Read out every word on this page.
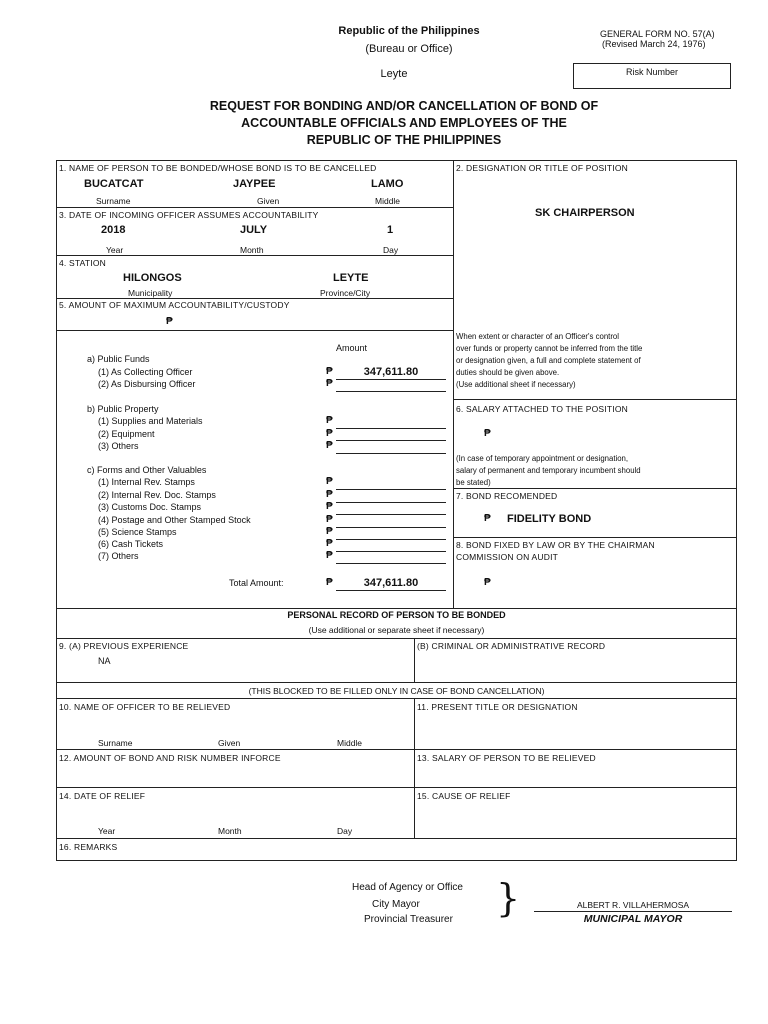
Republic of the Philippines
(Bureau or Office)
Leyte
GENERAL FORM NO. 57(A)
(Revised March 24, 1976)
Risk Number
REQUEST FOR BONDING AND/OR CANCELLATION OF BOND OF
ACCOUNTABLE OFFICIALS AND EMPLOYEES OF THE
REPUBLIC OF THE PHILIPPINES
1. NAME OF PERSON TO BE BONDED/WHOSE BOND IS TO BE CANCELLED
BUCATCAT	JAYPEE	LAMO
Surname	Given	Middle
2. DESIGNATION OR TITLE OF POSITION
SK CHAIRPERSON
When extent or character of an Officer's control
over funds or property cannot be inferred from the title
or designation given, a full and complete statement of
duties should be given above.
(Use additional sheet if necessary)
3. DATE OF INCOMING OFFICER ASSUMES ACCOUNTABILITY
2018	JULY	1
Year	Month	Day
4. STATION
HILONGOS	LEYTE
Municipality	Province/City
5. AMOUNT OF MAXIMUM ACCOUNTABILITY/CUSTODY
₱
Amount
a) Public Funds
(1) As Collecting Officer	₱	347,611.80
(2) As Disbursing Officer	₱
b) Public Property
(1) Supplies and Materials	₱
(2) Equipment	₱
(3) Others	₱
c) Forms and Other Valuables
(1) Internal Rev. Stamps	₱
(2) Internal Rev. Doc. Stamps	₱
(3) Customs Doc. Stamps	₱
(4) Postage and Other Stamped Stock	₱
(5) Science Stamps	₱
(6) Cash Tickets	₱
(7) Others	₱
Total Amount:	₱	347,611.80
6. SALARY ATTACHED TO THE POSITION
₱
(In case of temporary appointment or designation,
salary of permanent and temporary incumbent should
be stated)
7. BOND RECOMENDED
₱ FIDELITY BOND
8. BOND FIXED BY LAW OR BY THE CHAIRMAN
COMMISSION ON AUDIT
₱
PERSONAL RECORD OF PERSON TO BE BONDED
(Use additional or separate sheet if necessary)
9. (A) PREVIOUS EXPERIENCE
NA
(B) CRIMINAL OR ADMINISTRATIVE RECORD
(THIS BLOCKED TO BE FILLED ONLY IN CASE OF BOND CANCELLATION)
10. NAME OF OFFICER TO BE RELIEVED
Surname	Given	Middle
11. PRESENT TITLE OR DESIGNATION
12. AMOUNT OF BOND AND RISK NUMBER INFORCE	13. SALARY OF PERSON TO BE RELIEVED
14. DATE OF RELIEF
Year	Month	Day
15. CAUSE OF RELIEF
16. REMARKS
Head of Agency or Office
City Mayor
Provincial Treasurer }	ALBERT R. VILLAHERMOSA
MUNICIPAL MAYOR
